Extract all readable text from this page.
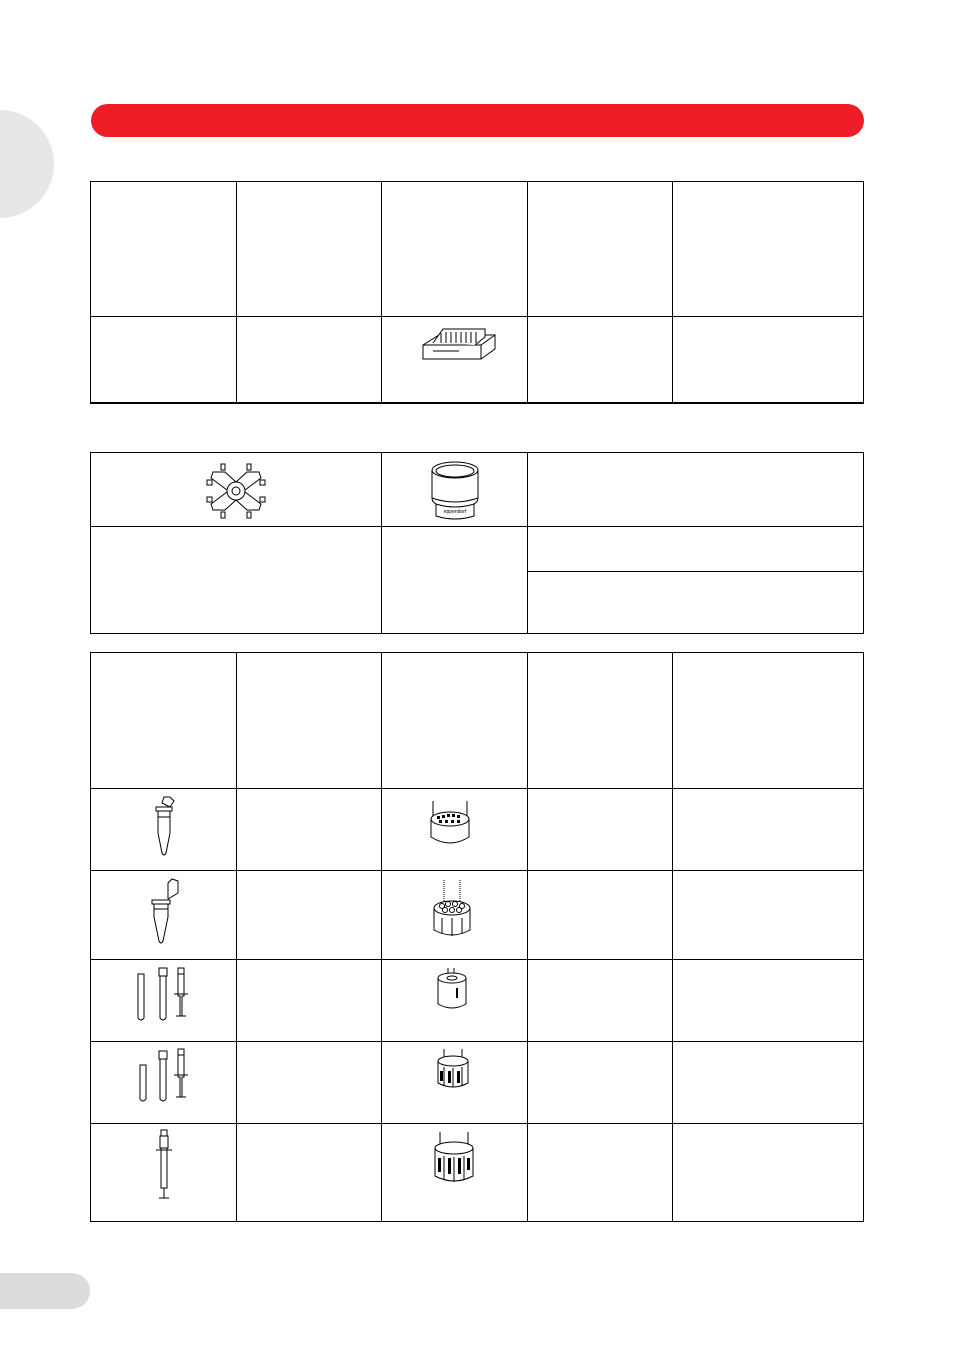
eppendorf
